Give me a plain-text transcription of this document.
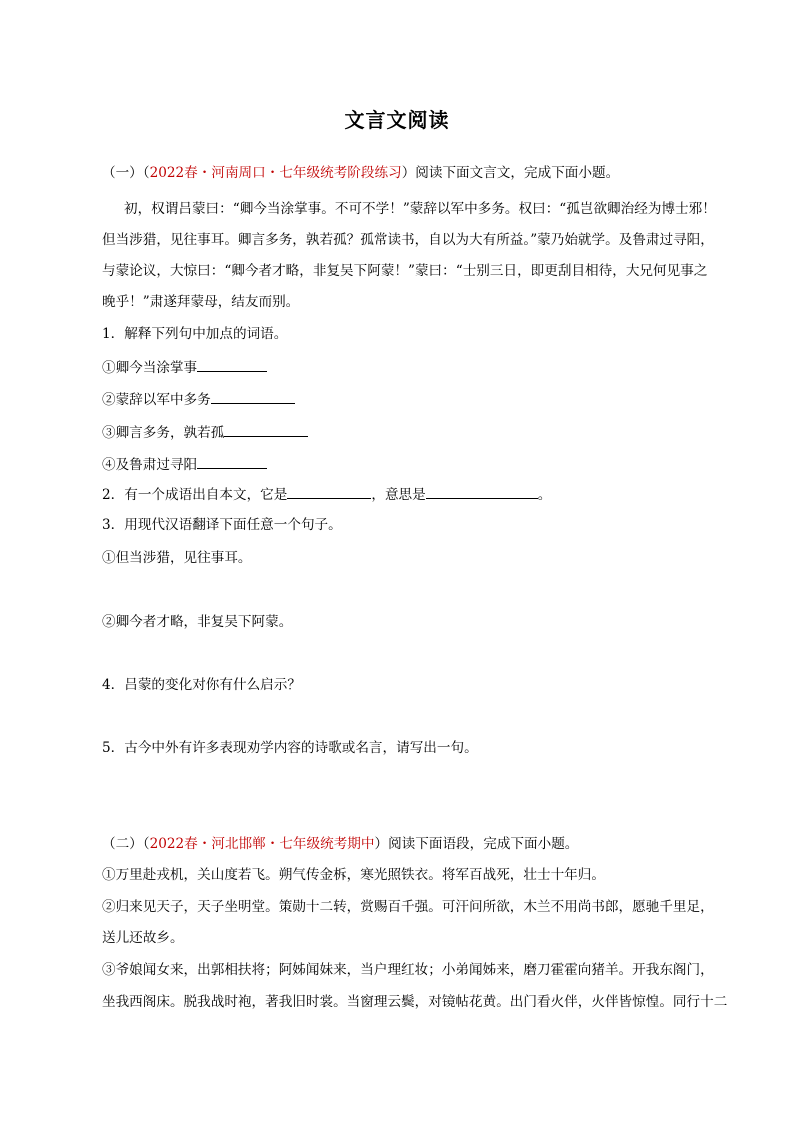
文言文阅读
（一）（2022春・河南周口・七年级统考阶段练习）阅读下面文言文，完成下面小题。
初，权谓吕蒙曰：“卿今当涂掌事。不可不学！”蒙辞以军中多务。权曰：“孤岂欲卿治经为博士邪！
但当涉猎，见往事耳。卿言多务，孰若孤？孤常读书，自以为大有所益。”蒙乃始就学。及鲁肃过寻阳，
与蒙论议，大惊曰：“卿今者才略，非复吴下阿蒙！”蒙曰：“士别三日，即更刮目相待，大兄何见事之
晚乎！”肃遂拜蒙母，结友而别。
1．解释下列句中加点的词语。
①卿今当涂掌事
②蒙辞以军中多务
③卿言多务，孰若孤
④及鲁肃过寻阳
2．有一个成语出自本文，它是	，意思是	。
3．用现代汉语翻译下面任意一个句子。
①但当涉猎，见往事耳。
②卿今者才略，非复吴下阿蒙。
4．吕蒙的变化对你有什么启示？
5．古今中外有许多表现劝学内容的诗歌或名言，请写出一句。
（二）（2022春・河北邯郸・七年级统考期中）阅读下面语段，完成下面小题。
①万里赴戎机，关山度若飞。朔气传金柝，寒光照铁衣。将军百战死，壮士十年归。
②归来见天子，天子坐明堂。策勋十二转，赏赐百千强。可汗问所欲，木兰不用尚书郎，愿驰千里足，
送儿还故乡。
③爷娘闻女来，出郭相扶将；阿姊闻妹来，当户理红妆；小弟闻姊来，磨刀霍霍向猪羊。开我东阁门，
坐我西阁床。脱我战时袍，著我旧时裳。当窗理云鬓，对镜帖花黄。出门看火伴，火伴皆惊惶。同行十二
